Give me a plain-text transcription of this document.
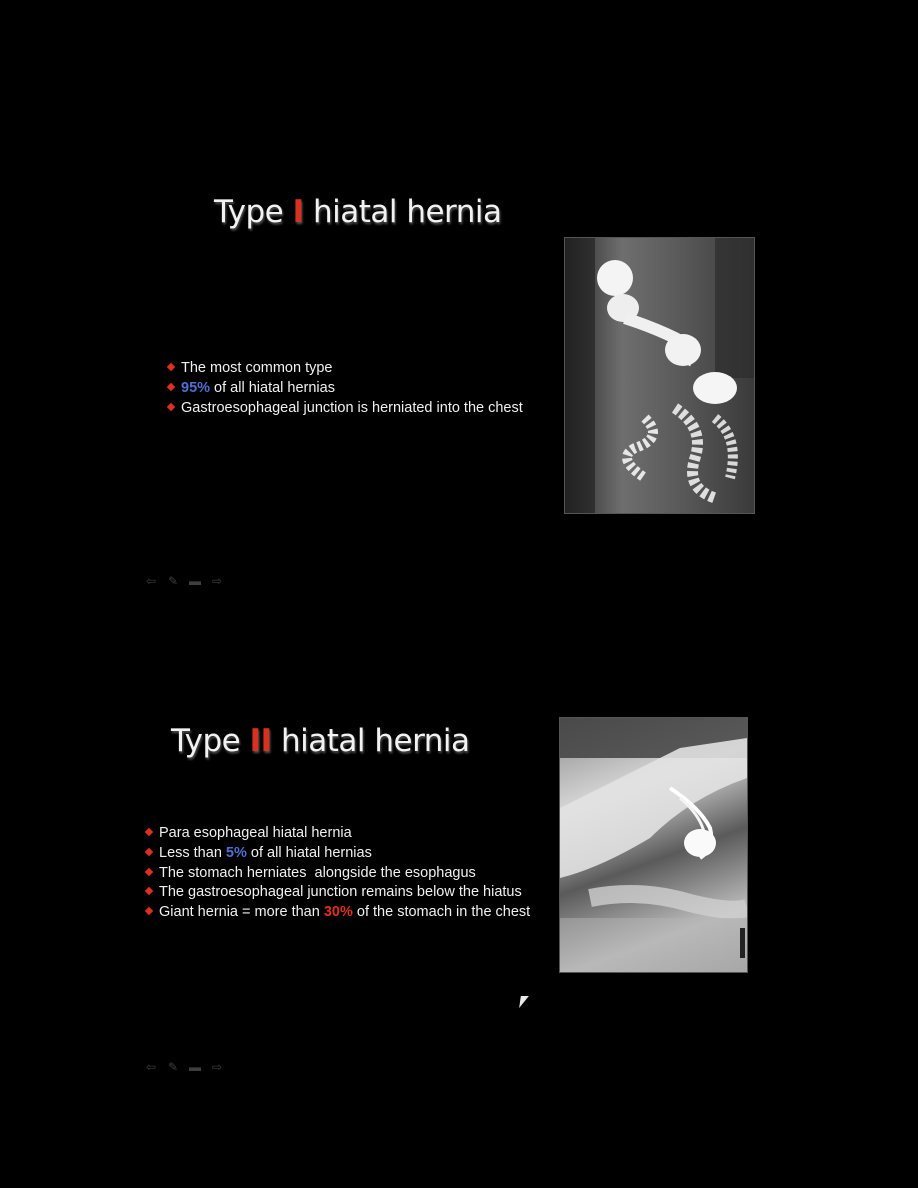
Type I hiatal hernia
The most common type
95% of all hiatal hernias
Gastroesophageal junction is herniated into the chest
⇦ ✎ ▬ ⇨
Type II hiatal hernia
Para esophageal hiatal hernia
Less than 5% of all hiatal hernias
The stomach herniates  alongside the esophagus
The gastroesophageal junction remains below the hiatus
Giant hernia = more than 30% of the stomach in the chest
⇦ ✎ ▬ ⇨
